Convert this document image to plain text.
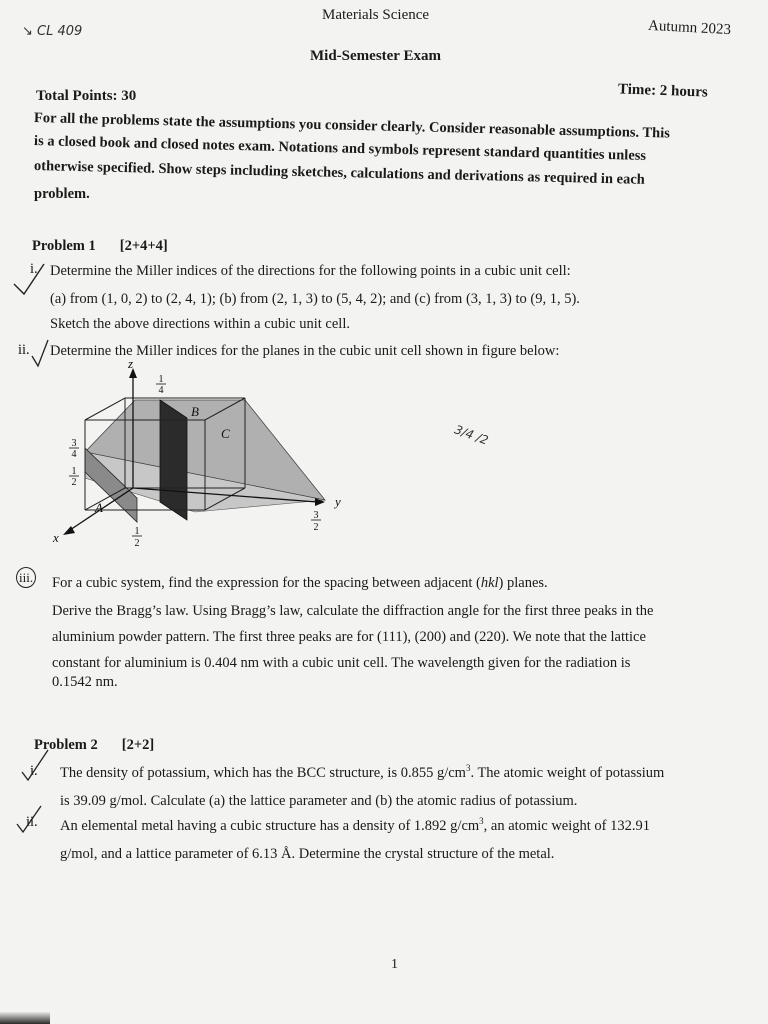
↘ CL 409
Materials Science
Autumn 2023
Mid-Semester Exam
Total Points: 30	Time: 2 hours
For all the problems state the assumptions you consider clearly. Consider reasonable assumptions. This
is a closed book and closed notes exam. Notations and symbols represent standard quantities unless
otherwise specified. Show steps including sketches, calculations and derivations as required in each
problem.
Problem 1 [2+4+4]
i. Determine the Miller indices of the directions for the following points in a cubic unit cell:
(a) from (1, 0, 2) to (2, 4, 1); (b) from (2, 1, 3) to (5, 4, 2); and (c) from (3, 1, 3) to (9, 1, 5).
Sketch the above directions within a cubic unit cell.
ii. Determine the Miller indices for the planes in the cubic unit cell shown in figure below:
z
y
x
A
B
C
1
4
3
4
1
2
1
2
3
2
3/4 /2
iii. For a cubic system, find the expression for the spacing between adjacent (hkl) planes.
Derive the Bragg’s law. Using Bragg’s law, calculate the diffraction angle for the first three peaks in the
aluminium powder pattern. The first three peaks are for (111), (200) and (220). We note that the lattice
constant for aluminium is 0.404 nm with a cubic unit cell. The wavelength given for the radiation is
0.1542 nm.
Problem 2 [2+2]
i. The density of potassium, which has the BCC structure, is 0.855 $g/cm^3$. The atomic weight of potassium
is 39.09 g/mol. Calculate (a) the lattice parameter and (b) the atomic radius of potassium.
ii. An elemental metal having a cubic structure has a density of 1.892 $g/cm^3$, an atomic weight of 132.91
g/mol, and a lattice parameter of 6.13 Å. Determine the crystal structure of the metal.
1
